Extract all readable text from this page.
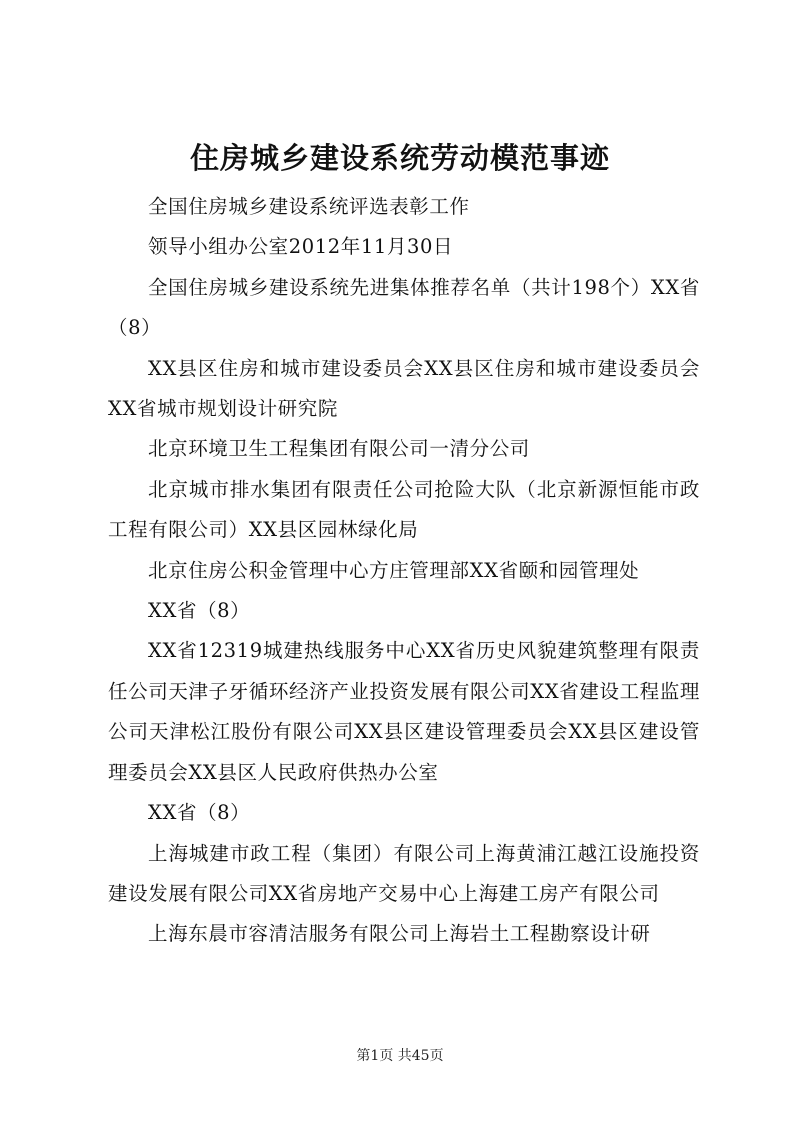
住房城乡建设系统劳动模范事迹

全国住房城乡建设系统评选表彰工作

领导小组办公室2012年11月30日

全国住房城乡建设系统先进集体推荐名单（共计198个）XX省（8）

XX县区住房和城市建设委员会XX县区住房和城市建设委员会XX省城市规划设计研究院

北京环境卫生工程集团有限公司一清分公司

北京城市排水集团有限责任公司抢险大队（北京新源恒能市政工程有限公司）XX县区园林绿化局

北京住房公积金管理中心方庄管理部XX省颐和园管理处

XX省（8）

XX省12319城建热线服务中心XX省历史风貌建筑整理有限责任公司天津子牙循环经济产业投资发展有限公司XX省建设工程监理公司天津松江股份有限公司XX县区建设管理委员会XX县区建设管理委员会XX县区人民政府供热办公室

XX省（8）

上海城建市政工程（集团）有限公司上海黄浦江越江设施投资建设发展有限公司XX省房地产交易中心上海建工房产有限公司

上海东晨市容清洁服务有限公司上海岩土工程勘察设计研

第1页 共45页
